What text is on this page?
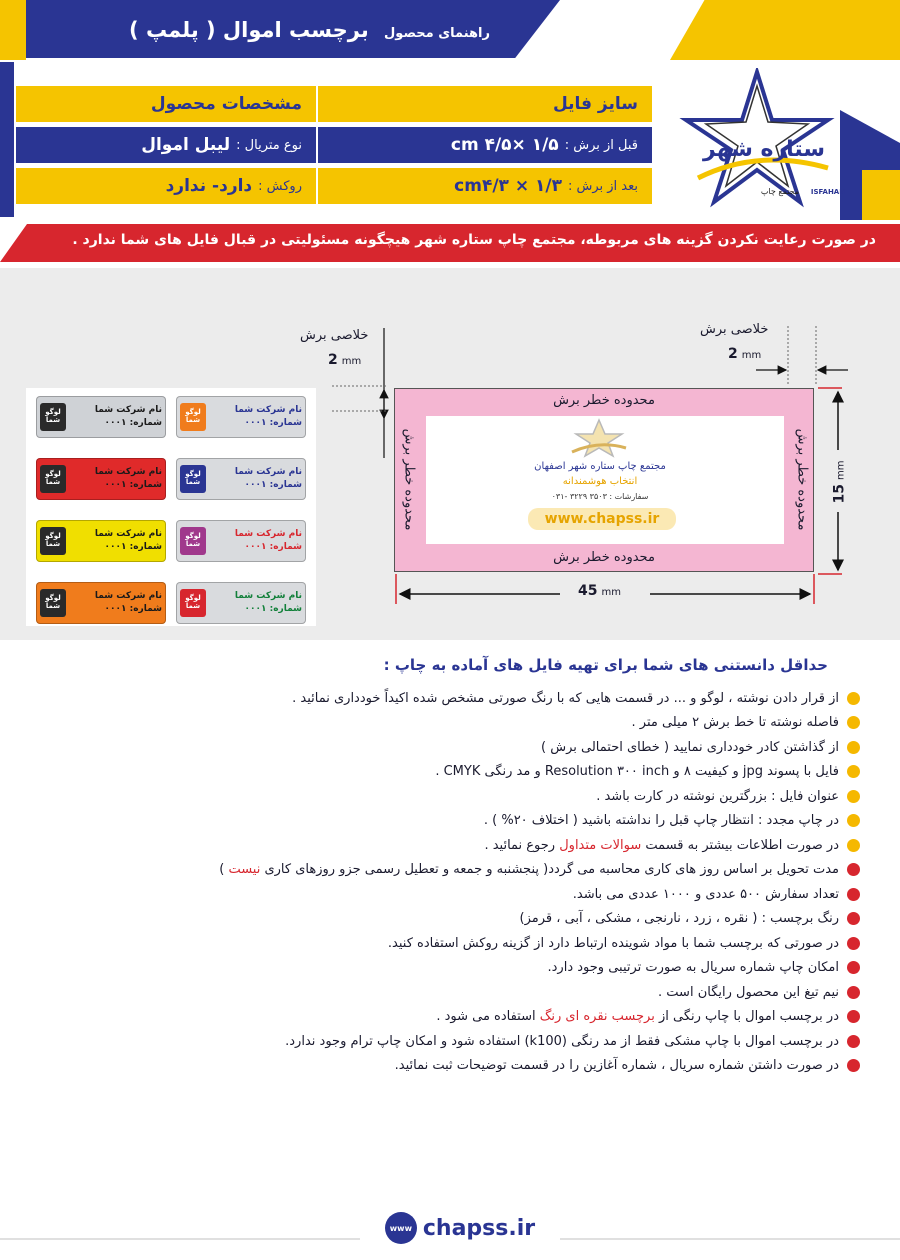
راهنمای محصول برچسب اموال ( پلمپ )
مشخصات محصول
نوع متریال :
لیبل اموال
روکش :
دارد- ندارد
سایز فایل
قبل از برش :
cm ۴/۵× ۱/۵
بعد از برش :
cm۴/۳ × ۱/۳
ستاره شهر
مجتمع چاپ ISFAHAN
در صورت رعایت نکردن گزینه های مربوطه، مجتمع چاپ ستاره شهر هیچگونه مسئولیتی در قبال فایل های شما ندارد .
لوگو شما
نام شرکت شما
شماره: ۰۰۰۱
لوگو شما
نام شرکت شما
شماره: ۰۰۰۱
لوگو شما
نام شرکت شما
شماره: ۰۰۰۱
لوگو شما
نام شرکت شما
شماره: ۰۰۰۱
لوگو شما
نام شرکت شما
شماره: ۰۰۰۱
لوگو شما
نام شرکت شما
شماره: ۰۰۰۱
لوگو شما
نام شرکت شما
شماره: ۰۰۰۱
لوگو شما
نام شرکت شما
شماره: ۰۰۰۱
محدوده خطر برش
محدوده خطر برش
محدوده خطر برش	محدوده خطر برش
خلاصی برش
2 mm
خلاصی برش
2 mm
45 mm
15mm
مجتمع چاپ ستاره شهر اصفهان
انتخاب هوشمندانه
سفارشات : ۳۵۰۳ ۳۲۲۹ -۰۳۱
www.chapss.ir
حداقل دانستنی های شما برای تهیه فایل های آماده به چاپ :
از قرار دادن نوشته ، لوگو و ... در قسمت هایی که با رنگ صورتی مشخص شده اکیداً خودداری نمائید .
فاصله نوشته تا خط برش ۲ میلی متر .
از گذاشتن کادر خودداری نمایید ( خطای احتمالی برش )
فایل با پسوند jpg و کیفیت ۸ و Resolution ۳۰۰ inch و مد رنگی CMYK .
عنوان فایل : بزرگترین نوشته در کارت باشد .
در چاپ مجدد : انتظار چاپ قبل را نداشته باشید ( اختلاف ۲۰% ) .
در صورت اطلاعات بیشتر به قسمت سوالات متداول رجوع نمائید .
مدت تحویل بر اساس روز های کاری محاسبه می گردد( پنجشنبه و جمعه و تعطیل رسمی جزو روزهای کاری نیست )
تعداد سفارش ۵۰۰ عددی و ۱۰۰۰ عددی می باشد.
رنگ برچسب : ( نقره ، زرد ، نارنجی ، مشکی ، آبی ، قرمز)
در صورتی که برچسب شما با مواد شوینده ارتباط دارد از گزینه روکش استفاده کنید.
امکان چاپ شماره سریال به صورت ترتیبی وجود دارد.
نیم تیغ این محصول رایگان است .
در برچسب اموال با چاپ رنگی از برچسب نقره ای رنگ استفاده می شود .
در برچسب اموال با چاپ مشکی فقط از مد رنگی (k100) استفاده شود و امکان چاپ ترام وجود ندارد.
در صورت داشتن شماره سریال ، شماره آغازین را در قسمت توضیحات ثبت نمائید.
www chapss.ir
